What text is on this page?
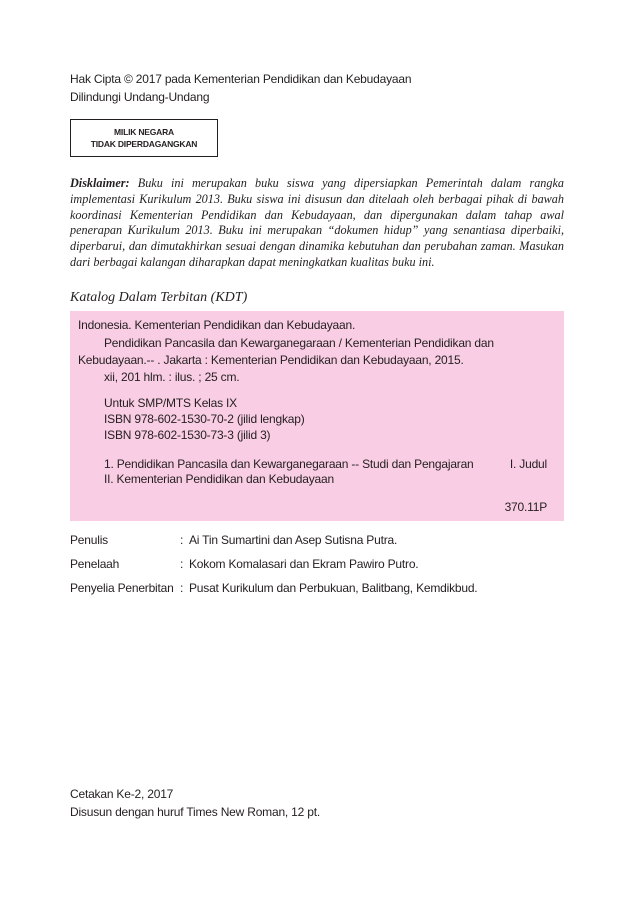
Hak Cipta © 2017 pada Kementerian Pendidikan dan Kebudayaan
Dilindungi Undang-Undang
MILIK NEGARA
TIDAK DIPERDAGANGKAN
Disklaimer: Buku ini merupakan buku siswa yang dipersiapkan Pemerintah dalam rangka implementasi Kurikulum 2013. Buku siswa ini disusun dan ditelaah oleh berbagai pihak di bawah koordinasi Kementerian Pendidikan dan Kebudayaan, dan dipergunakan dalam tahap awal penerapan Kurikulum 2013. Buku ini merupakan “dokumen hidup” yang senantiasa diperbaiki, diperbarui, dan dimutakhirkan sesuai dengan dinamika kebutuhan dan perubahan zaman. Masukan dari berbagai kalangan diharapkan dapat meningkatkan kualitas buku ini.
Katalog Dalam Terbitan (KDT)
Indonesia. Kementerian Pendidikan dan Kebudayaan.
Pendidikan Pancasila dan Kewarganegaraan / Kementerian Pendidikan dan
Kebudayaan.-- . Jakarta : Kementerian Pendidikan dan Kebudayaan, 2015.
xii, 201 hlm. : ilus. ; 25 cm.
Untuk SMP/MTS Kelas IX
ISBN 978-602-1530-70-2 (jilid lengkap)
ISBN 978-602-1530-73-3 (jilid 3)
1. Pendidikan Pancasila dan Kewarganegaraan -- Studi dan Pengajaran	I. Judul
II. Kementerian Pendidikan dan Kebudayaan
370.11P
Penulis	: Ai Tin Sumartini dan Asep Sutisna Putra.
Penelaah	: Kokom Komalasari dan Ekram Pawiro Putro.
Penyelia Penerbitan : Pusat Kurikulum dan Perbukuan, Balitbang, Kemdikbud.
Cetakan Ke-2, 2017
Disusun dengan huruf Times New Roman, 12 pt.
